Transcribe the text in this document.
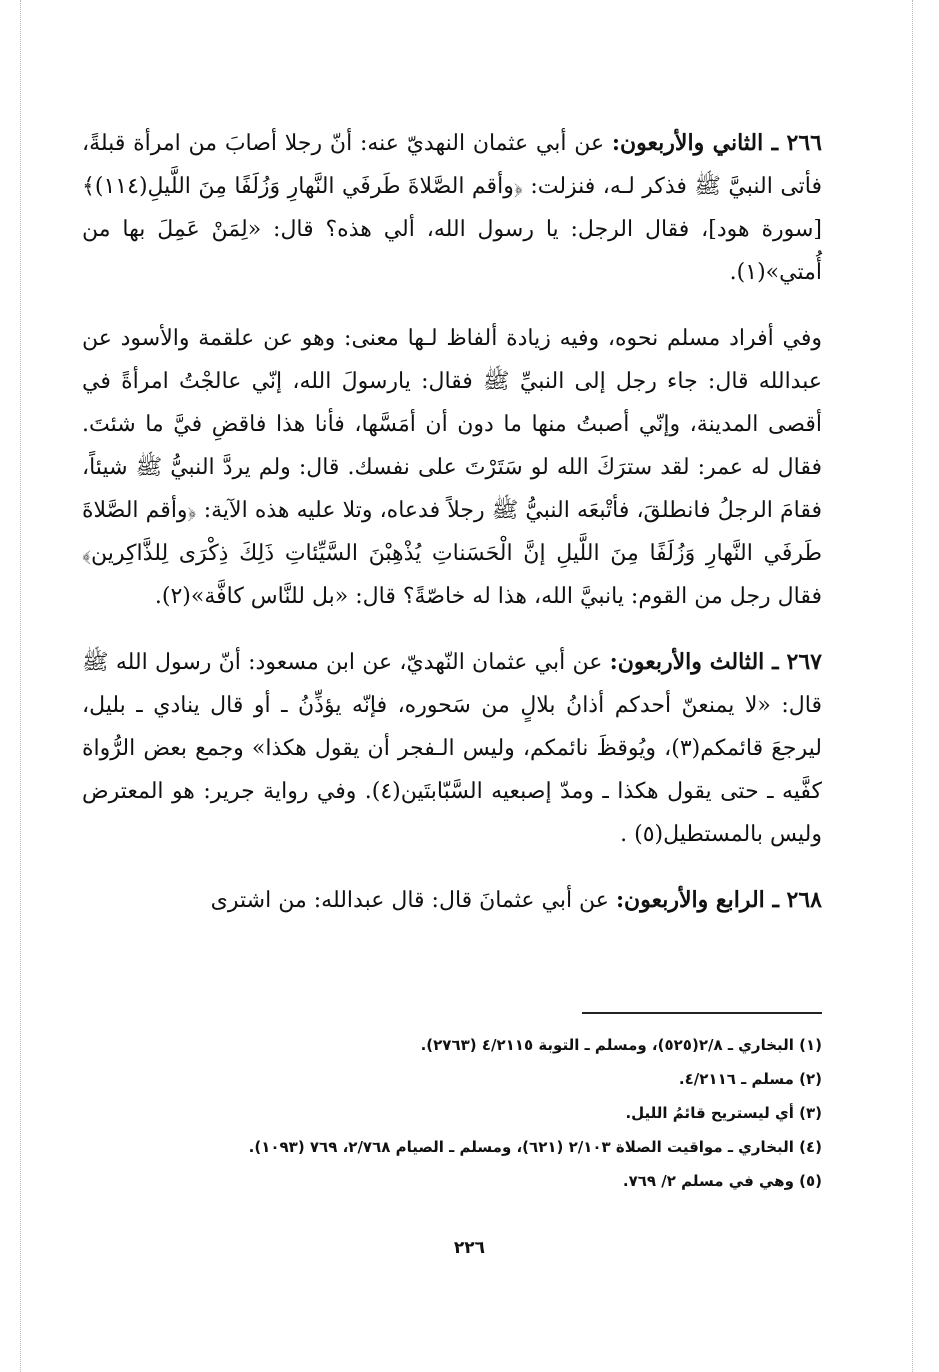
٢٦٦ ـ الثاني والأربعون: عن أبي عثمان النهديّ عنه: أنّ رجلا أصابَ من امرأة قبلةً، فأتى النبيَّ ﷺ فذكر لـه، فنزلت: ﴿وأقم الصَّلاةَ طَرفَي النَّهارِ وَزُلَفًا مِنَ اللَّيلِ(١١٤)﴾ [سورة هود]، فقال الرجل: يا رسول الله، ألي هذه؟ قال: «لِمَنْ عَمِلَ بها من أُمتي»(١).

وفي أفراد مسلم نحوه، وفيه زيادة ألفاظ لـها معنى: وهو عن علقمة والأسود عن عبدالله قال: جاء رجل إلى النبيِّ ﷺ فقال: يارسولَ الله، إنّي عالجْتُ امرأةً في أقصى المدينة، وإنّي أصبتُ منها ما دون أن أمَسَّها، فأنا هذا فاقضِ فيَّ ما شئتَ. فقال له عمر: لقد سترَكَ الله لو سَتَرْتَ على نفسك. قال: ولم يردَّ النبيُّ ﷺ شيئاً، فقامَ الرجلُ فانطلقَ، فأتْبعَه النبيُّ ﷺ رجلاً فدعاه، وتلا عليه هذه الآية: ﴿وأقم الصَّلاةَ طَرفَي النَّهارِ وَزُلَفًا مِنَ اللَّيلِ إنَّ الْحَسَناتِ يُذْهِبْنَ السَّيِّئاتِ ذَلِكَ ذِكْرَى لِلذَّاكِرين﴾ فقال رجل من القوم: يانبيَّ الله، هذا له خاصّةً؟ قال: «بل للنَّاس كافَّة»(٢).

٢٦٧ ـ الثالث والأربعون: عن أبي عثمان النّهديّ، عن ابن مسعود: أنّ رسول الله ﷺ قال: «لا يمنعنّ أحدكم أذانُ بلالٍ من سَحوره، فإنّه يؤذِّنُ ـ أو قال ينادي ـ بليل، ليرجعَ قائمكم(٣)، ويُوقظَ نائمكم، وليس الـفجر أن يقول هكذا» وجمع بعض الرُّواة كفَّيه ـ حتى يقول هكذا ـ ومدّ إصبعيه السَّبّابتَين(٤). وفي رواية جرير: هو المعترض وليس بالمستطيل(٥) .

٢٦٨ ـ الرابع والأربعون: عن أبي عثمانَ قال: قال عبدالله: من اشترى

(١) البخاري ـ ٢/٨(٥٢٥)، ومسلم ـ التوبة ٤/٢١١٥ (٢٧٦٣).
(٢) مسلم ـ ٤/٢١١٦.
(٣) أي ليستريح قائمُ الليل.
(٤) البخاري ـ مواقيت الصلاة ٢/١٠٣ (٦٢١)، ومسلم ـ الصيام ٢/٧٦٨، ٧٦٩ (١٠٩٣).
(٥) وهي في مسلم ٢/ ٧٦٩.
٢٢٦
